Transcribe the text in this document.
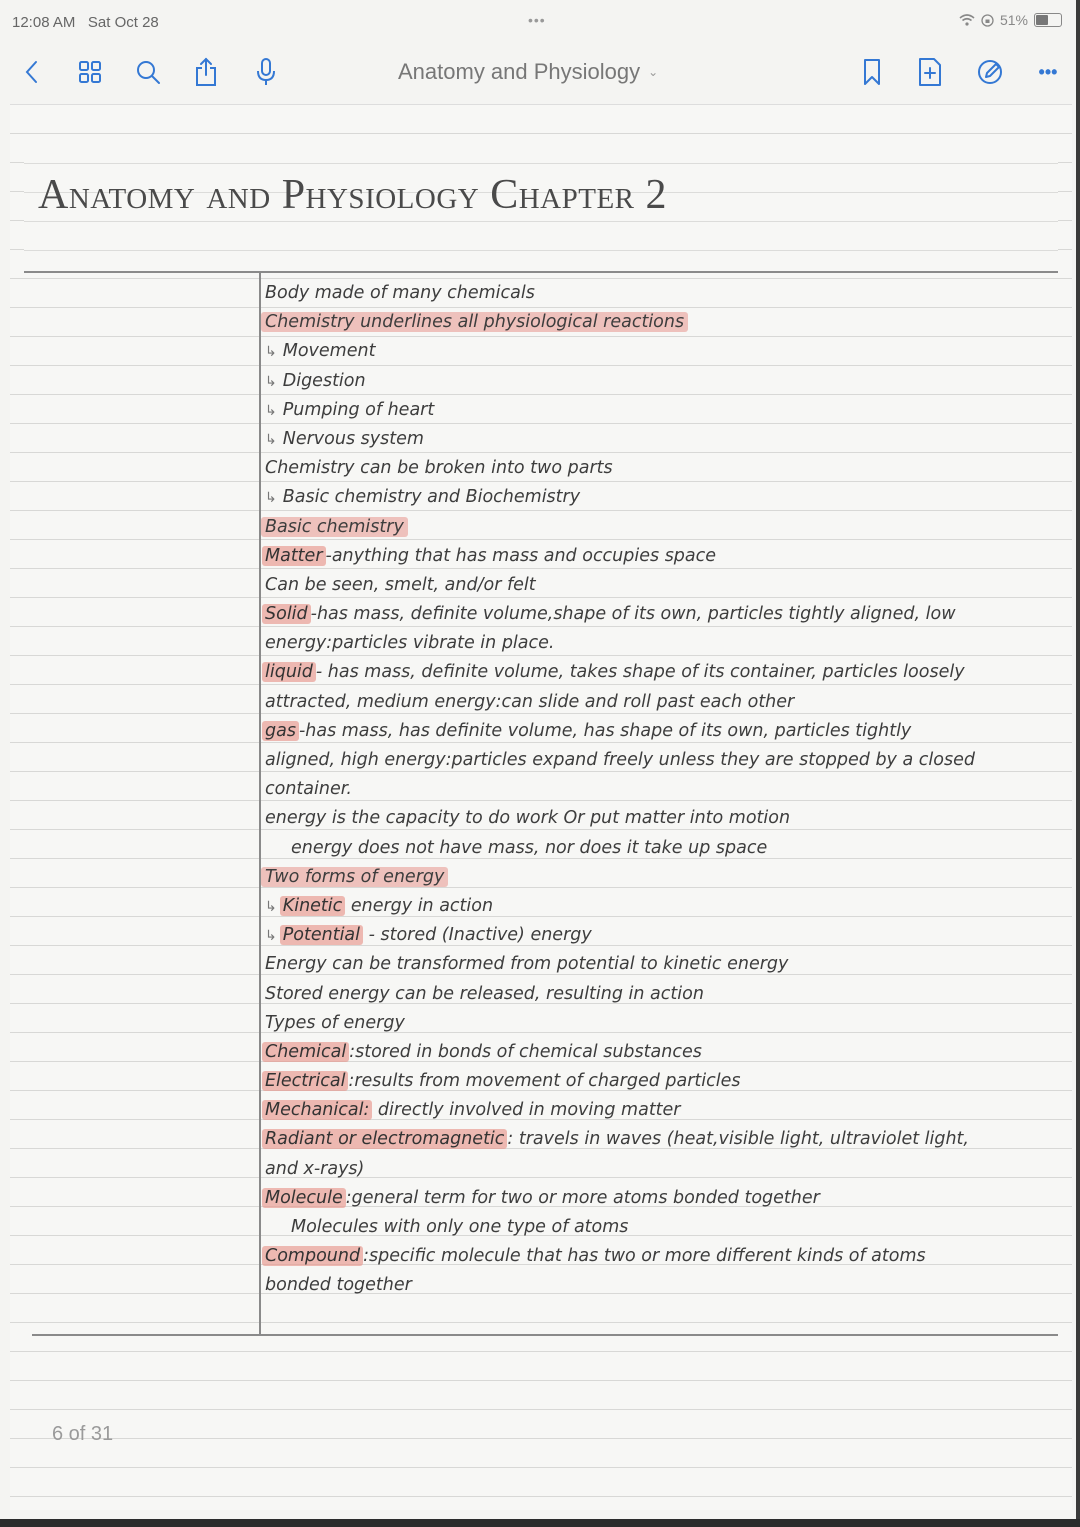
12:08 AM Sat Oct 28	•••	51%
Anatomy and Physiology ⌄	•••
Anatomy and Physiology Chapter 2
Body made of many chemicals
Chemistry underlines all physiological reactions
↳ Movement
↳ Digestion
↳ Pumping of heart
↳ Nervous system
Chemistry can be broken into two parts
↳ Basic chemistry and Biochemistry
Basic chemistry
Matter -anything that has mass and occupies space
Can be seen, smelt, and/or felt
Solid -has mass, definite volume,shape of its own, particles tightly aligned, low
energy:particles vibrate in place.
liquid - has mass, definite volume, takes shape of its container, particles loosely
attracted, medium energy:can slide and roll past each other
gas -has mass, has definite volume, has shape of its own, particles tightly
aligned, high energy:particles expand freely unless they are stopped by a closed
container.
energy is the capacity to do work Or put matter into motion
energy does not have mass, nor does it take up space
Two forms of energy
↳ Kinetic energy in action
↳ Potential - stored (Inactive) energy
Energy can be transformed from potential to kinetic energy
Stored energy can be released, resulting in action
Types of energy
Chemical :stored in bonds of chemical substances
Electrical :results from movement of charged particles
Mechanical: directly involved in moving matter
Radiant or electromagnetic : travels in waves (heat,visible light, ultraviolet light,
and x-rays)
Molecule :general term for two or more atoms bonded together
Molecules with only one type of atoms
Compound :specific molecule that has two or more different kinds of atoms
bonded together
6 of 31
